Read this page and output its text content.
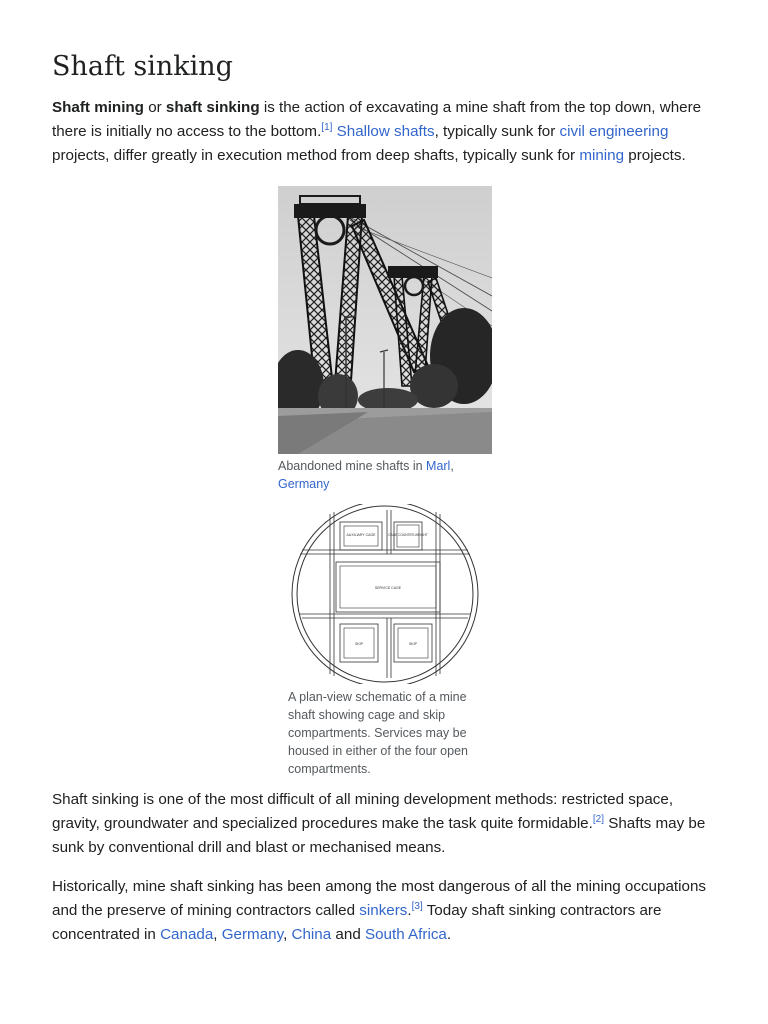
Shaft sinking

Shaft mining or shaft sinking is the action of excavating a mine shaft from the top down, where there is initially no access to the bottom.[1] Shallow shafts, typically sunk for civil engineering projects, differ greatly in execution method from deep shafts, typically sunk for mining projects.

Shaft sinking is one of the most difficult of all mining development methods: restricted space, gravity, groundwater and specialized procedures make the task quite formidable.[2] Shafts may be sunk by conventional drill and blast or mechanised means.

Historically, mine shaft sinking has been among the most dangerous of all the mining occupations and the preserve of mining contractors called sinkers.[3] Today shaft sinking contractors are concentrated in Canada, Germany, China and South Africa.

Abandoned mine shafts in Marl, Germany
AUXILIARY CAGE	CAGE COUNTER-WEIGHT
SERVICE CAGE
SKIP	SKIP
A plan-view schematic of a mine shaft showing cage and skip compartments. Services may be housed in either of the four open compartments.
